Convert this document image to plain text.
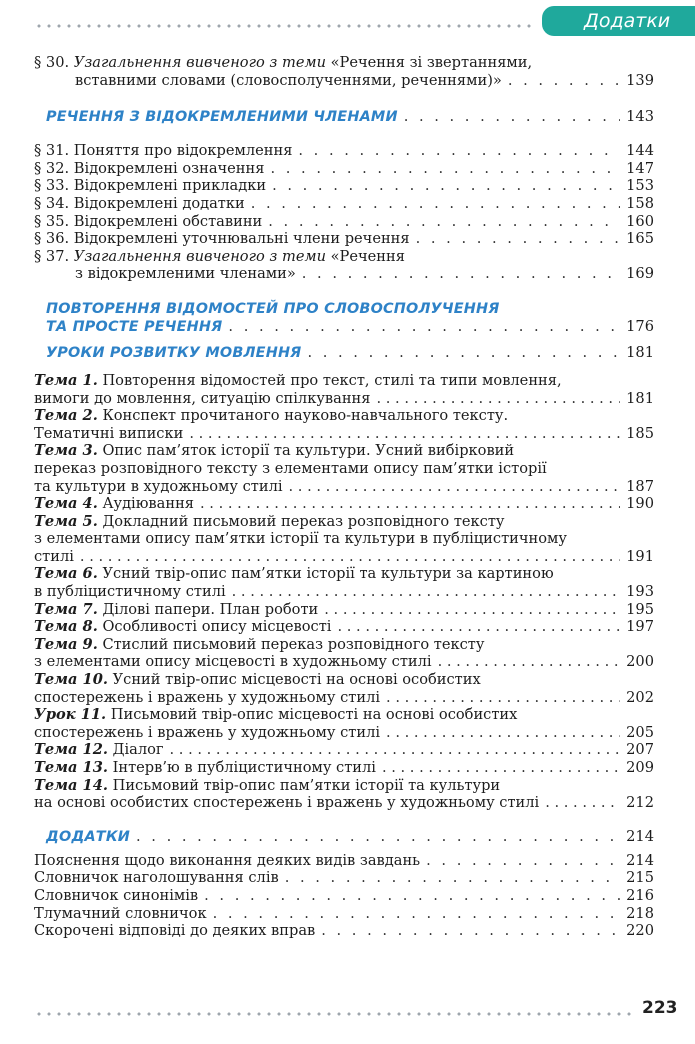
Додатки
§ 30.
Узагальнення вивченого з теми
«Речення зі звертаннями,
вставними словами (словосполученнями, реченнями)» . . .	139
РЕЧЕННЯ З ВІДОКРЕМЛЕНИМИ ЧЛЕНАМИ . . .	143
§ 31.
Поняття про відокремлення . . .	144
§ 32.
Відокремлені означення . . .	147
§ 33.
Відокремлені прикладки . . .	153
§ 34.
Відокремлені додатки . . .	158
§ 35.
Відокремлені обставини . . .	160
§ 36.
Відокремлені уточнювальні члени речення . . .	165
§ 37.
Узагальнення вивченого з теми
«Речення
з відокремленими членами» . . .	169
ПОВТОРЕННЯ ВІДОМОСТЕЙ ПРО СЛОВОСПОЛУЧЕННЯ
ТА ПРОСТЕ РЕЧЕННЯ . . .	176
УРОКИ РОЗВИТКУ МОВЛЕННЯ . . .	181
Тема 1.
Повторення відомостей про текст, стилі та типи мовлення,
вимоги до мовлення, ситуацію спілкування . . .	181
Тема 2.
Конспект прочитаного науково-навчального тексту.
Тематичні виписки . . .	185
Тема 3.
Опис пам’яток історії та культури. Усний вибірковий
переказ розповідного тексту з елементами опису пам’ятки історії
та культури в художньому стилі . . .	187
Тема 4.
Аудіювання . . .	190
Тема 5.
Докладний письмовий переказ розповідного тексту
з елементами опису пам’ятки історії та культури в публіцистичному
стилі . . .	191
Тема 6.
Усний твір-опис пам’ятки історії та культури за картиною
в публіцистичному стилі . . .	193
Тема 7.
Ділові папери. План роботи . . .	195
Тема 8.
Особливості опису місцевості . . .	197
Тема 9.
Стислий письмовий переказ розповідного тексту
з елементами опису місцевості в художньому стилі . . .	200
Тема 10.
Усний твір-опис місцевості на основі особистих
спостережень і вражень у художньому стилі . . .	202
Урок 11.
Письмовий твір-опис місцевості на основі особистих
спостережень і вражень у художньому стилі . . .	205
Тема 12.
Діалог . . .	207
Тема 13.
Інтерв’ю в публіцистичному стилі . . .	209
Тема 14.
Письмовий твір-опис пам’ятки історії та культури
на основі особистих спостережень і вражень у художньому стилі . . .	212
ДОДАТКИ . . .	214
Пояснення щодо виконання деяких видів завдань . . .	214
Словничок наголошування слів . . .	215
Словничок синонімів . . .	216
Тлумачний словничок . . .	218
Скорочені відповіді до деяких вправ . . .	220
223
